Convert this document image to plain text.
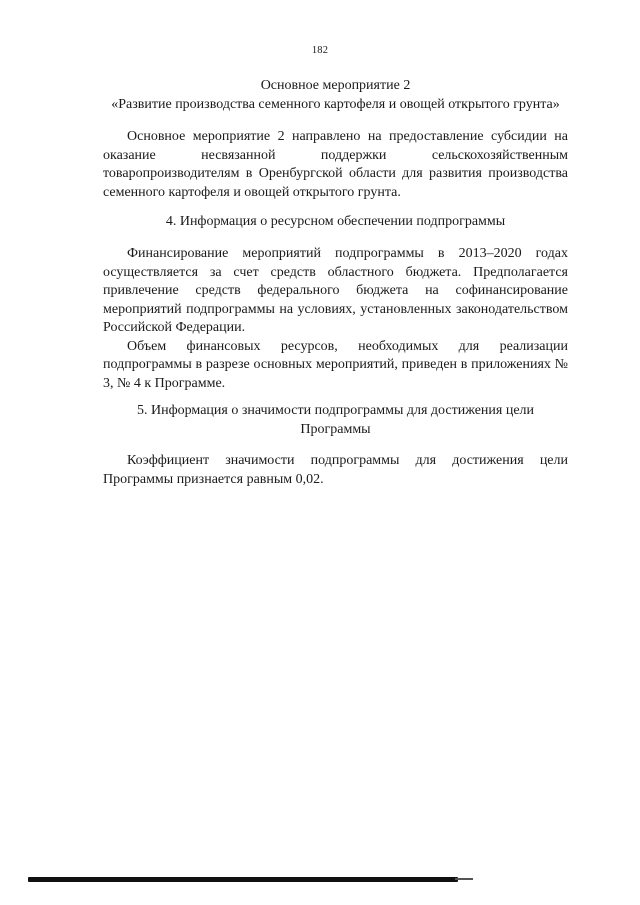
182
Основное мероприятие 2
«Развитие производства семенного картофеля и овощей открытого грунта»

Основное мероприятие 2 направлено на предоставление субсидии на оказание несвязанной поддержки сельскохозяйственным товаропроизводителям в Оренбургской области для развития производства семенного картофеля и овощей открытого грунта.

4. Информация о ресурсном обеспечении подпрограммы

Финансирование мероприятий подпрограммы в 2013–2020 годах осуществляется за счет средств областного бюджета. Предполагается привлечение средств федерального бюджета на софинансирование мероприятий подпрограммы на условиях, установленных законодательством Российской Федерации.

Объем финансовых ресурсов, необходимых для реализации подпрограммы в разрезе основных мероприятий, приведен в приложениях № 3, № 4 к Программе.

5. Информация о значимости подпрограммы для достижения цели
Программы

Коэффициент значимости подпрограммы для достижения цели Программы признается равным 0,02.
